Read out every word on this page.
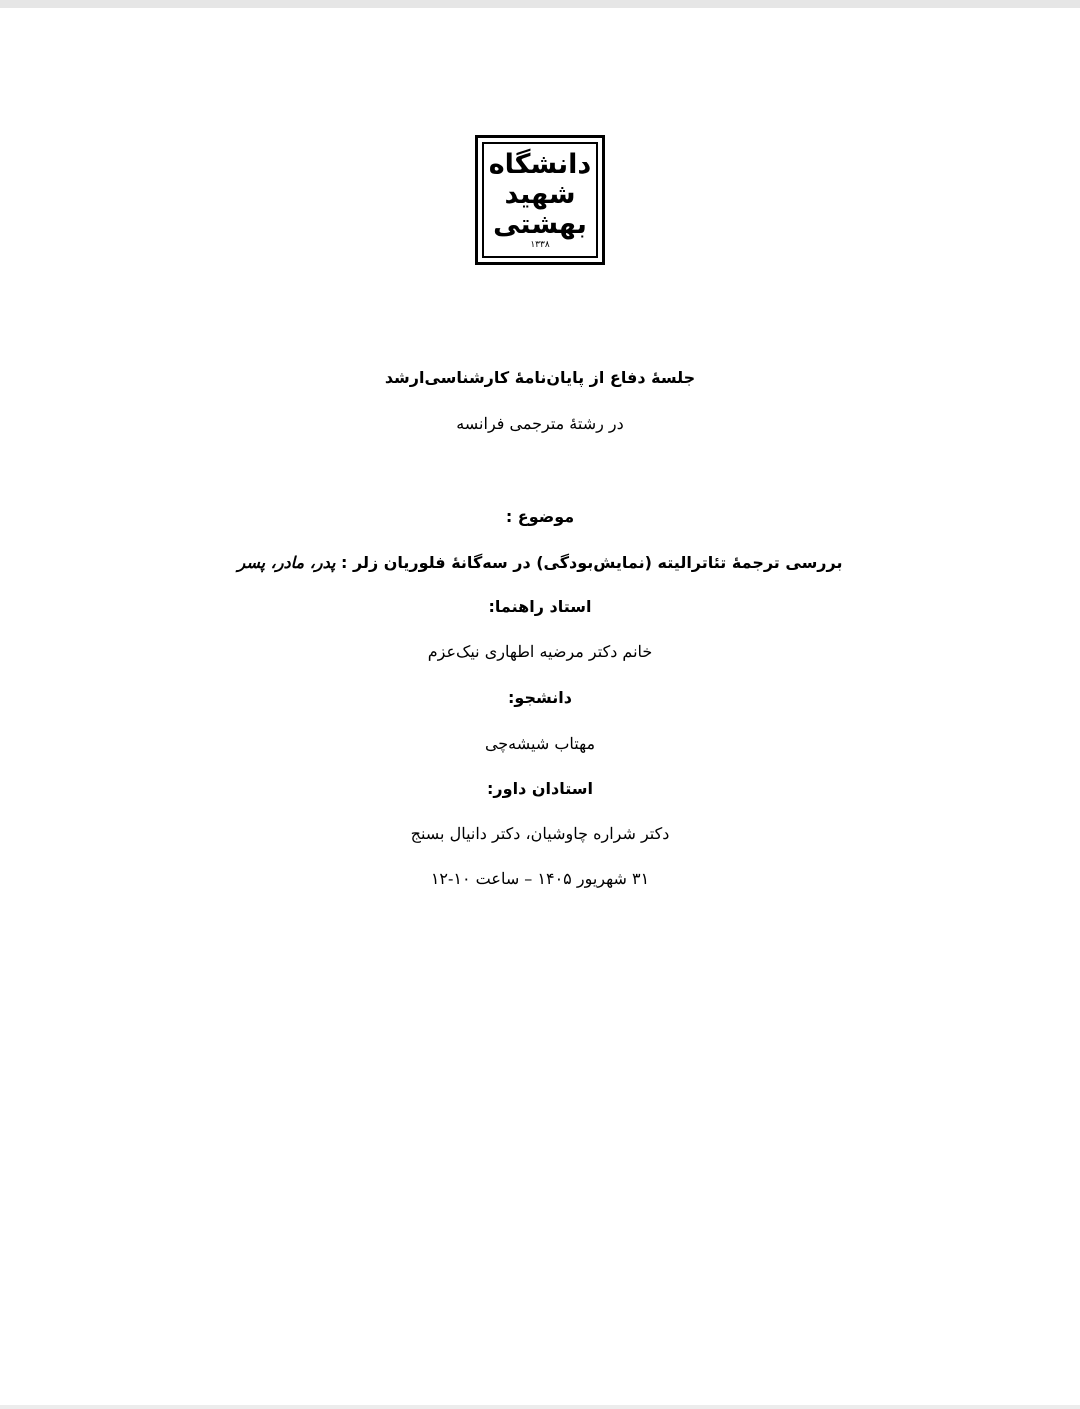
دانشگاه
شهید
بهشتی
۱۳۳۸
جلسهٔ دفاع از پایان‌نامهٔ کارشناسی‌ارشد
در رشتهٔ مترجمی فرانسه
موضوع :
بررسی ترجمهٔ تئاترالیته (نمایش‌بودگی) در سه‌گانهٔ فلوریان زلر : پدر، مادر، پسر
استاد راهنما:
خانم دکتر مرضیه اطهاری نیک‌عزم
دانشجو:
مهتاب شیشه‌چی
استادان داور:
دکتر شراره چاوشیان، دکتر دانیال بسنج
۳۱ شهریور ۱۴۰۵ – ساعت ۱۰-۱۲
